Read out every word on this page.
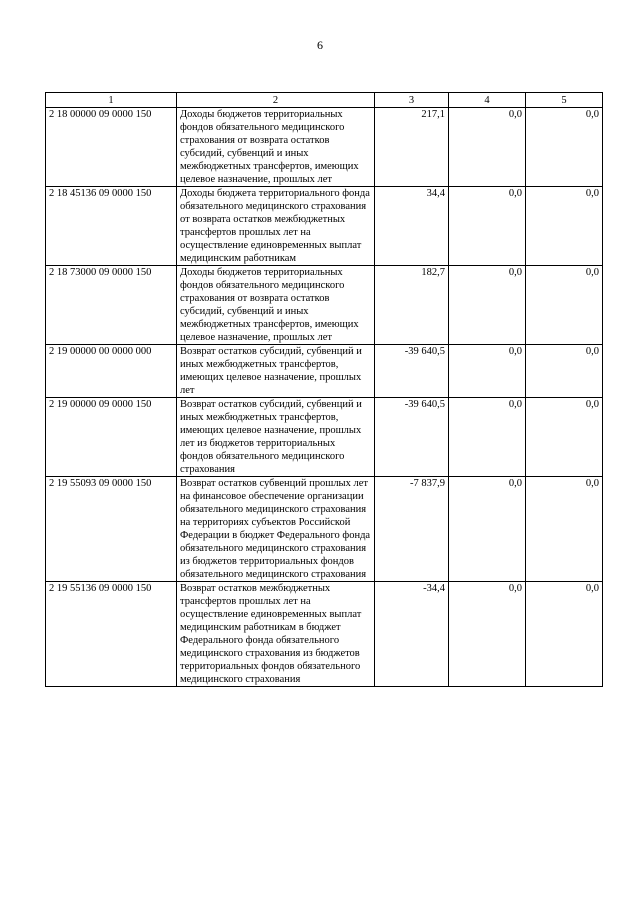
6
1	2	3	4	5
2 18 00000 09 0000 150	Доходы бюджетов территориальных фондов обязательного медицинского страхования от возврата остатков субсидий, субвенций и иных межбюджетных трансфертов, имеющих целевое назначение, прошлых лет	217,1	0,0	0,0
2 18 45136 09 0000 150	Доходы бюджета территориального фонда обязательного медицинского страхования от возврата остатков межбюджетных трансфертов прошлых лет на осуществление единовременных выплат медицинским работникам	34,4	0,0	0,0
2 18 73000 09 0000 150	Доходы бюджетов территориальных фондов обязательного медицинского страхования от возврата остатков субсидий, субвенций и иных межбюджетных трансфертов, имеющих целевое назначение, прошлых лет	182,7	0,0	0,0
2 19 00000 00 0000 000	Возврат остатков субсидий, субвенций и иных межбюджетных трансфертов, имеющих целевое назначение, прошлых лет	-39 640,5	0,0	0,0
2 19 00000 09 0000 150	Возврат остатков субсидий, субвенций и иных межбюджетных трансфертов, имеющих целевое назначение, прошлых лет из бюджетов территориальных фондов обязательного медицинского страхования	-39 640,5	0,0	0,0
2 19 55093 09 0000 150	Возврат остатков субвенций прошлых лет на финансовое обеспечение организации обязательного медицинского страхования на территориях субъектов Российской Федерации в бюджет Федерального фонда обязательного медицинского страхования из бюджетов территориальных фондов обязательного медицинского страхования	-7 837,9	0,0	0,0
2 19 55136 09 0000 150	Возврат остатков межбюджетных трансфертов прошлых лет на осуществление единовременных выплат медицинским работникам в бюджет Федерального фонда обязательного медицинского страхования из бюджетов территориальных фондов обязательного медицинского страхования	-34,4	0,0	0,0
